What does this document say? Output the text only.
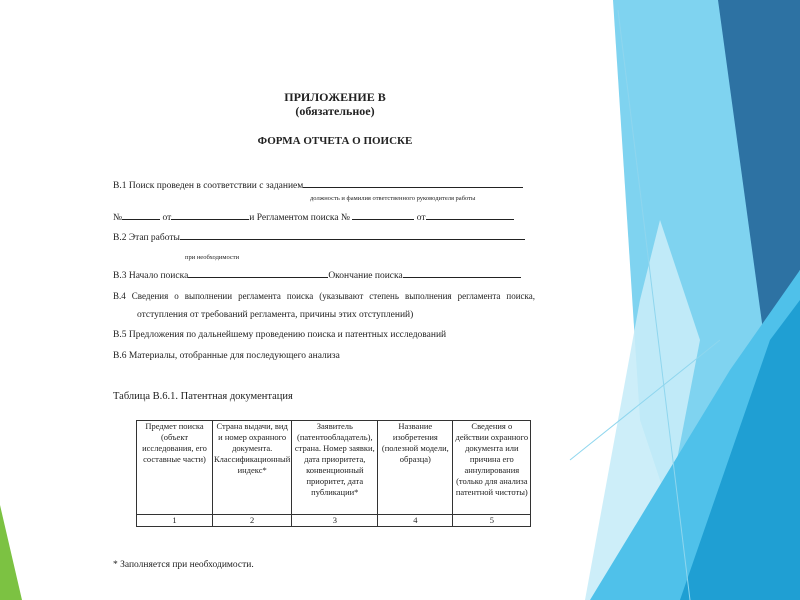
ПРИЛОЖЕНИЕ В
(обязательное)
ФОРМА ОТЧЕТА О ПОИСКЕ
В.1 Поиск проведен в соответствии с заданием
должность и фамилия ответственного руководителя работы
№	от	и Регламентом поиска №	от
В.2 Этап работы
при необходимости
В.3 Начало поиска	Окончание поиска
В.4 Сведения о выполнении регламента поиска (указывают степень выполнения регламента поиска,
отступления от требований регламента, причины этих отступлений)
В.5 Предложения по дальнейшему проведению поиска и патентных исследований
В.6 Материалы, отобранные для последующего анализа
Таблица В.6.1. Патентная документация
Предмет поиска (объект исследования, его составные части)	Страна выдачи, вид и номер охранного документа. Классификационный индекс*	Заявитель (патентообладатель), страна. Номер заявки, дата приоритета, конвенционный приоритет, дата публикации*	Название изобретения (полезной модели, образца)	Сведения о действии охранного документа или причина его аннулирования (только для анализа патентной чистоты)
1	2	3	4	5
* Заполняется при необходимости.
